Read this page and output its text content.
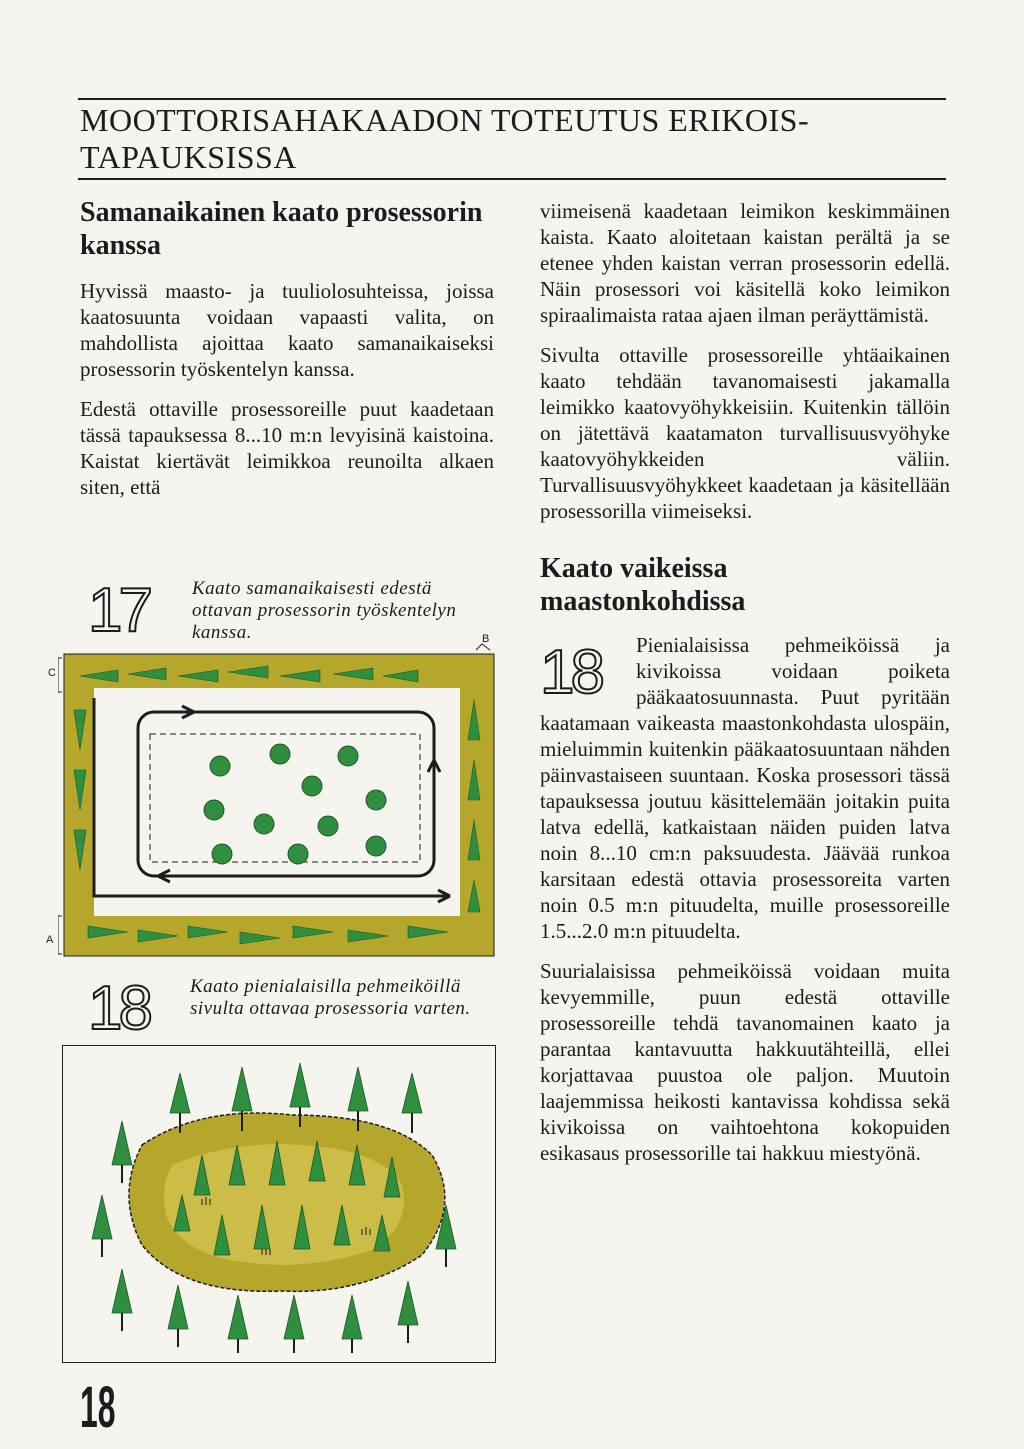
MOOTTORISAHAKAADON TOTEUTUS ERIKOIS-TAPAUKSISSA
Samanaikainen kaato prosessorin kanssa

Hyvissä maasto- ja tuuliolosuhteissa, joissa kaatosuunta voidaan vapaasti valita, on mahdollista ajoittaa kaato samanaikaiseksi prosessorin työskentelyn kanssa.

Edestä ottaville prosessoreille puut kaadetaan tässä tapauksessa 8...10 m:n levyisinä kaistoina. Kaistat kiertävät leimikkoa reunoilta alkaen siten, että

17 Kaato samanaikaisesti edestä ottavan prosessorin työskentelyn kanssa.	B
C
A
18 Kaato pienialaisilla pehmeiköillä sivulta ottavaa prosessoria varten.

viimeisenä kaadetaan leimikon keskimmäinen kaista. Kaato aloitetaan kaistan perältä ja se etenee yhden kaistan verran prosessorin edellä. Näin prosessori voi käsitellä koko leimikon spiraalimaista rataa ajaen ilman peräyttämistä.

Sivulta ottaville prosessoreille yhtäaikainen kaato tehdään tavanomaisesti jakamalla leimikko kaatovyöhykkeisiin. Kuitenkin tällöin on jätettävä kaatamaton turvallisuusvyöhyke kaatovyöhykkeiden väliin. Turvallisuusvyöhykkeet kaadetaan ja käsitellään prosessorilla viimeiseksi.

Kaato vaikeissa maastonkohdissa
18	Pienialaisissa pehmeiköissä ja kivikoissa voidaan poiketa pääkaatosuunnasta. Puut pyritään kaatamaan vaikeasta maastonkohdasta ulospäin, mieluimmin kuitenkin pääkaatosuuntaan nähden päinvastaiseen suuntaan. Koska prosessori tässä tapauksessa joutuu käsittelemään joitakin puita latva edellä, katkaistaan näiden puiden latva noin 8...10 cm:n paksuudesta. Jäävää runkoa karsitaan edestä ottavia prosessoreita varten noin 0.5 m:n pituudelta, muille prosessoreille 1.5...2.0 m:n pituudelta.

Suurialaisissa pehmeiköissä voidaan muita kevyemmille, puun edestä ottaville prosessoreille tehdä tavanomainen kaato ja parantaa kantavuutta hakkuutähteillä, ellei korjattavaa puustoa ole paljon. Muutoin laajemmissa heikosti kantavissa kohdissa sekä kivikoissa on vaihtoehtona kokopuiden esikasaus prosessorille tai hakkuu miestyönä.

18
